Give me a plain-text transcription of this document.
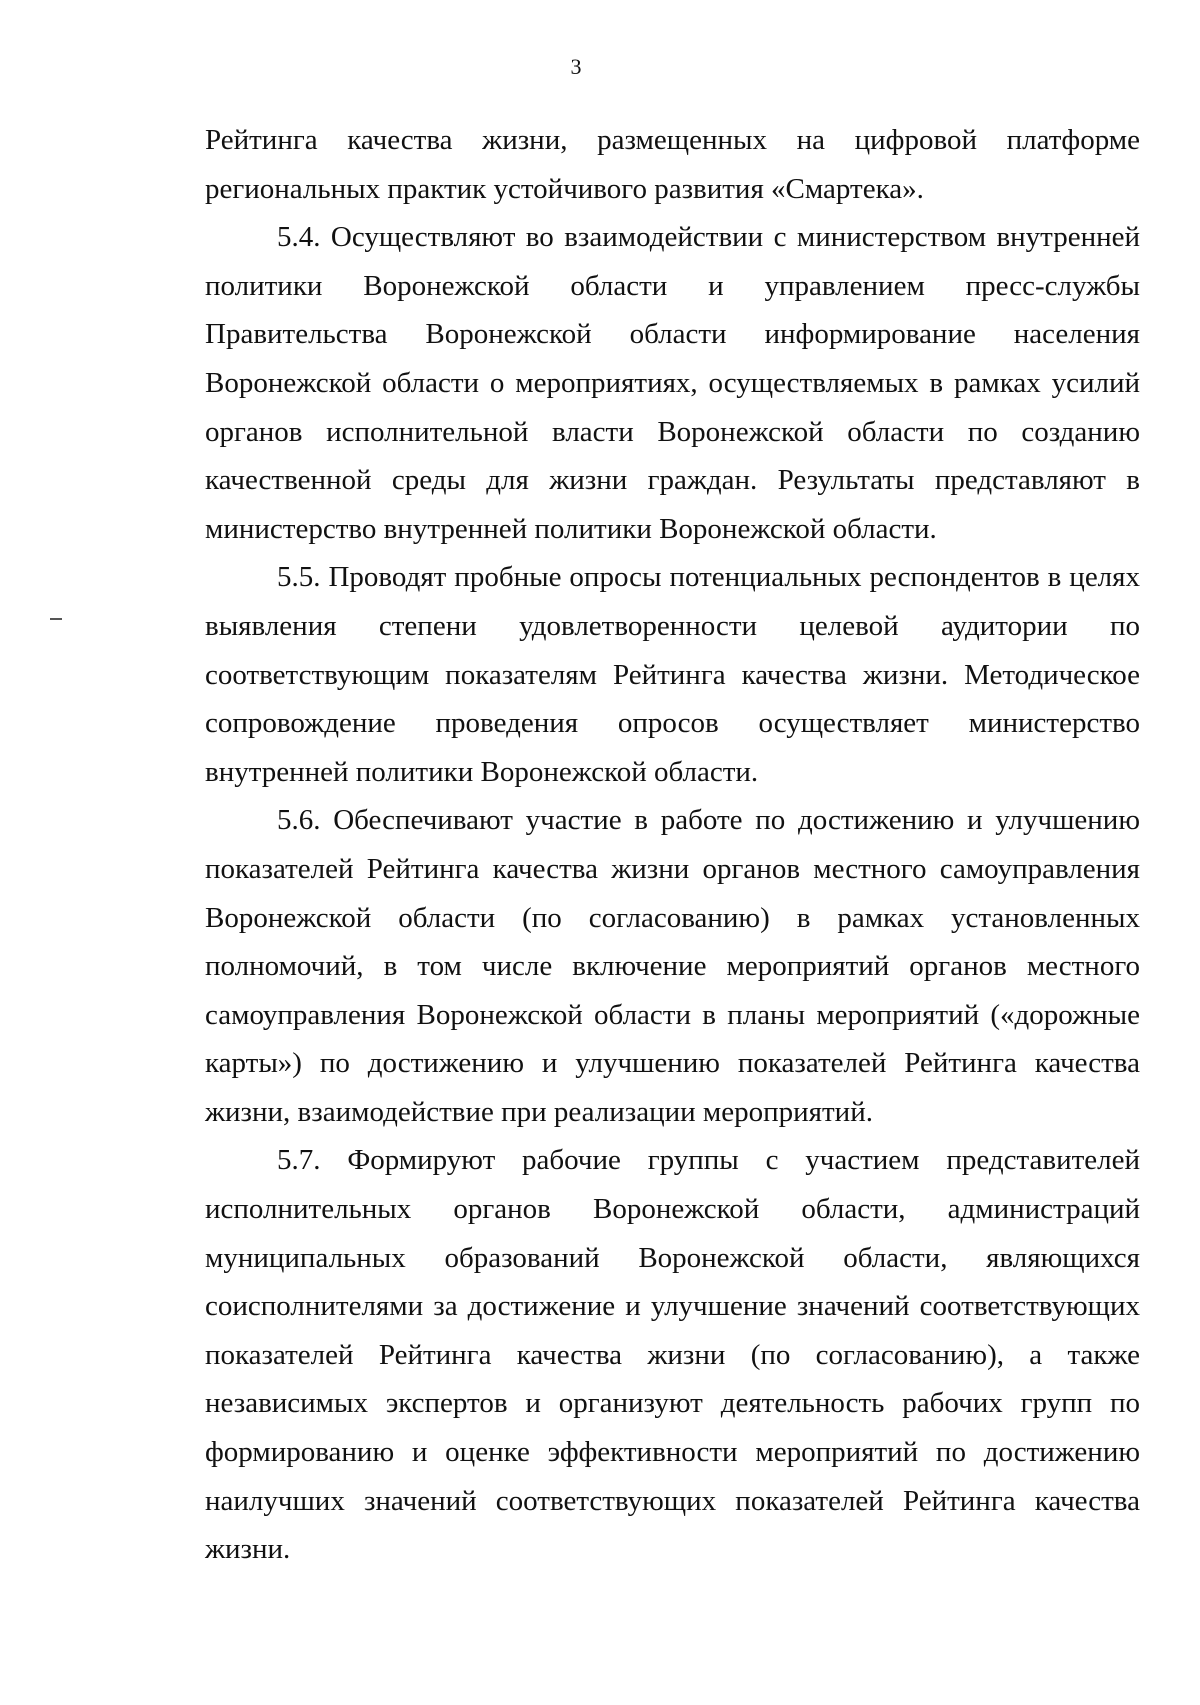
3

Рейтинга качества жизни, размещенных на цифровой платформе региональных практик устойчивого развития «Смартека».

5.4. Осуществляют во взаимодействии с министерством внутренней политики Воронежской области и управлением пресс-службы Правительства Воронежской области информирование населения Воронежской области о мероприятиях, осуществляемых в рамках усилий органов исполнительной власти Воронежской области по созданию качественной среды для жизни граждан. Результаты представляют в министерство внутренней политики Воронежской области.

5.5. Проводят пробные опросы потенциальных респондентов в целях выявления степени удовлетворенности целевой аудитории по соответствующим показателям Рейтинга качества жизни. Методическое сопровождение проведения опросов осуществляет министерство внутренней политики Воронежской области.

5.6. Обеспечивают участие в работе по достижению и улучшению показателей Рейтинга качества жизни органов местного самоуправления Воронежской области (по согласованию) в рамках установленных полномочий, в том числе включение мероприятий органов местного самоуправления Воронежской области в планы мероприятий («дорожные карты») по достижению и улучшению показателей Рейтинга качества жизни, взаимодействие при реализации мероприятий.

5.7. Формируют рабочие группы с участием представителей исполнительных органов Воронежской области, администраций муниципальных образований Воронежской области, являющихся соисполнителями за достижение и улучшение значений соответствующих показателей Рейтинга качества жизни (по согласованию), а также независимых экспертов и организуют деятельность рабочих групп по формированию и оценке эффективности мероприятий по достижению наилучших значений соответствующих показателей Рейтинга качества жизни.
